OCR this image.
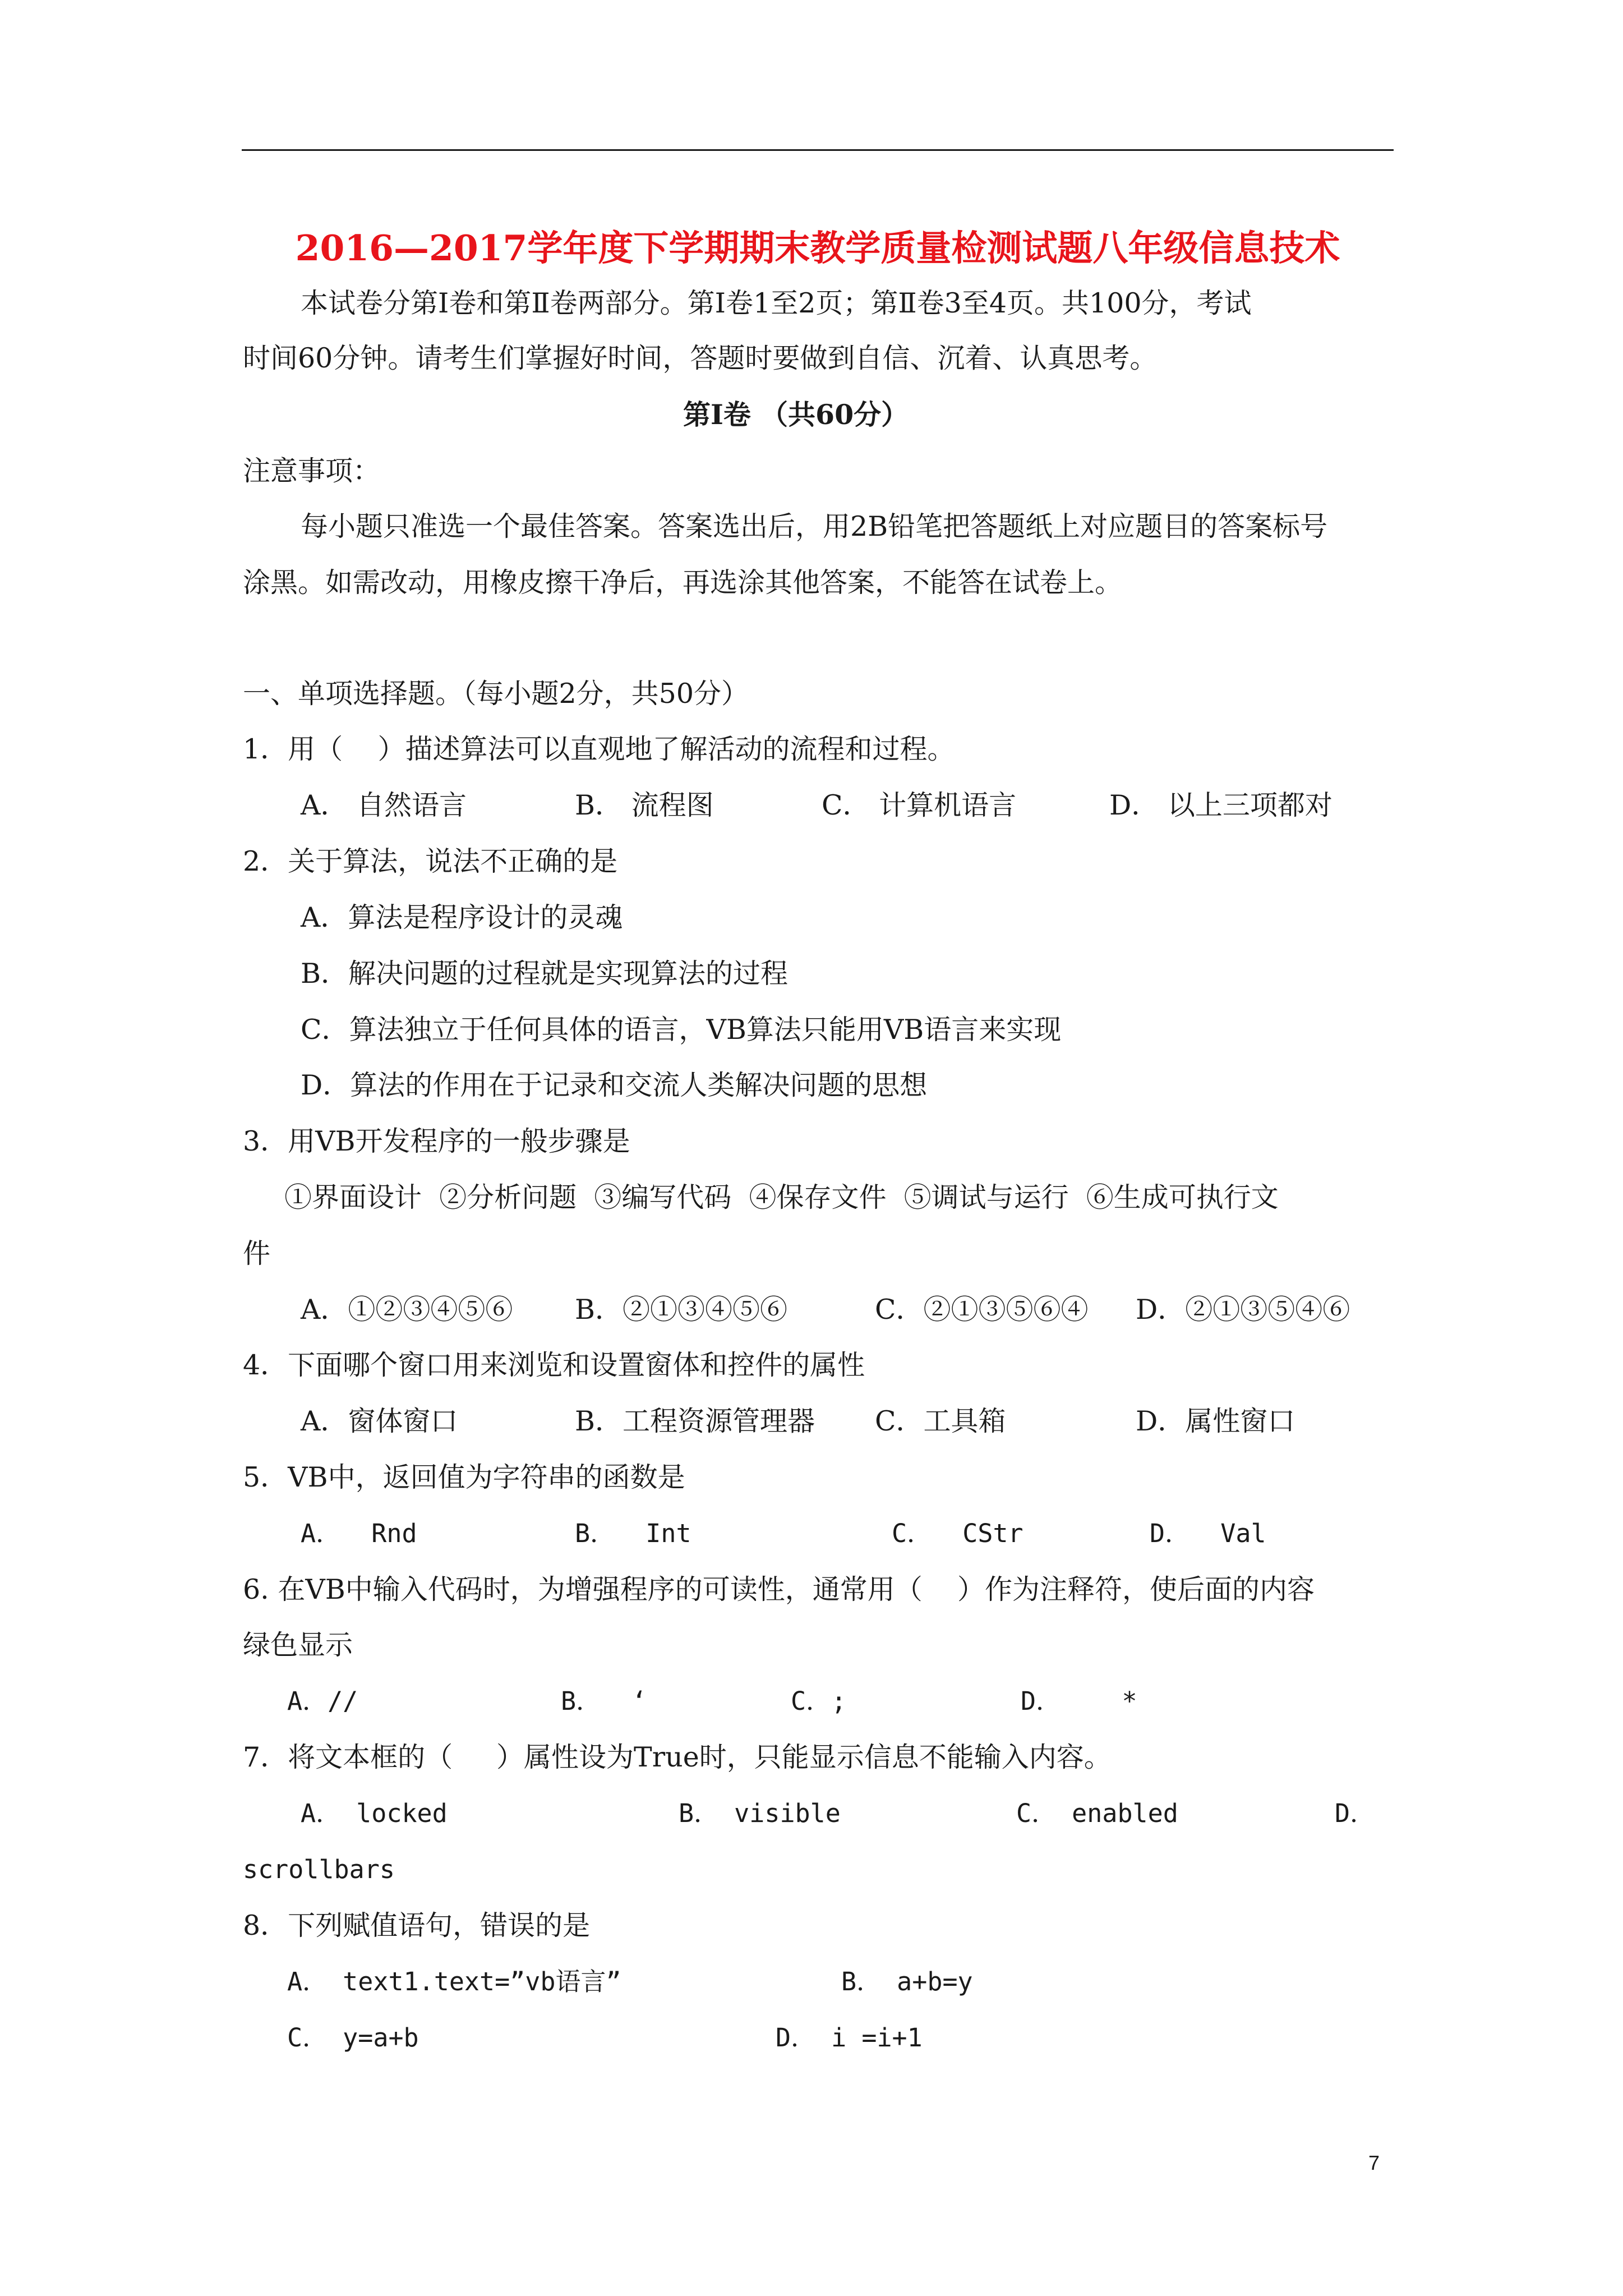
2016—2017学年度下学期期末教学质量检测试题八年级信息技术
本试卷分第Ⅰ卷和第Ⅱ卷两部分。第Ⅰ卷1至2页；第Ⅱ卷3至4页。共100分，考试
时间60分钟。请考生们掌握好时间，答题时要做到自信、沉着、认真思考。
第Ⅰ卷 （共60分）
注意事项：
每小题只准选一个最佳答案。答案选出后，用2B铅笔把答题纸上对应题目的答案标号
涂黑。如需改动，用橡皮擦干净后，再选涂其他答案，不能答在试卷上。
一、单项选择题。（每小题2分，共50分）
1．用（    ）描述算法可以直观地了解活动的流程和过程。
A． 自然语言	B． 流程图	C． 计算机语言	D． 以上三项都对
2．关于算法，说法不正确的是
A．算法是程序设计的灵魂
B．解决问题的过程就是实现算法的过程
C．算法独立于任何具体的语言，VB算法只能用VB语言来实现
D．算法的作用在于记录和交流人类解决问题的思想
3．用VB开发程序的一般步骤是
①界面设计  ②分析问题  ③编写代码  ④保存文件  ⑤调试与运行  ⑥生成可执行文
件
A．①②③④⑤⑥ B．②①③④⑤⑥	C．②①③⑤⑥④ D．②①③⑤④⑥
4．下面哪个窗口用来浏览和设置窗体和控件的属性
A．窗体窗口	B．工程资源管理器 C．工具箱	D．属性窗口
5．VB中，返回值为字符串的函数是
A．  Rnd	B．  Int	C．  CStr	D．  Val
6. 在VB中输入代码时，为增强程序的可读性，通常用（    ）作为注释符，使后面的内容
绿色显示
A．//	B．  ‘	C．;	D．    *
7．将文本框的（     ）属性设为True时，只能显示信息不能输入内容。
A． locked	B． visible	C． enabled	D．
scrollbars
8．下列赋值语句，错误的是
A． text1.text=”vb语言”	B． a+b=y
C． y=a+b	D． i =i+1
7
